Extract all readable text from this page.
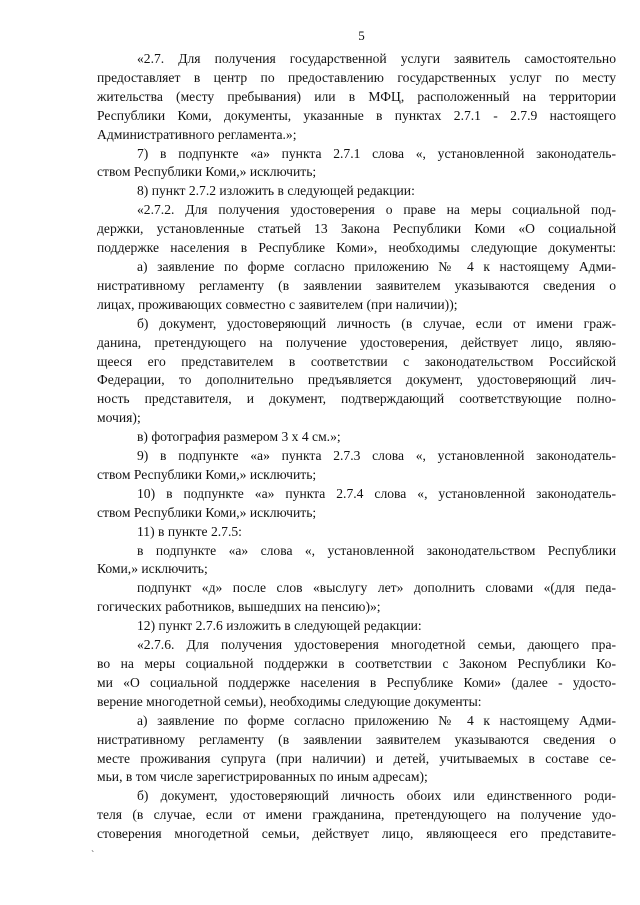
5
«2.7. Для получения государственной услуги заявитель самостоятельно
предоставляет в центр по предоставлению государственных услуг по месту
жительства (месту пребывания) или в МФЦ, расположенный на территории
Республики Коми, документы, указанные в пунктах 2.7.1 - 2.7.9 настоящего
Административного регламента.»;
7) в подпункте «а» пункта 2.7.1 слова «, установленной законодатель-
ством Республики Коми,» исключить;
8) пункт 2.7.2 изложить в следующей редакции:
«2.7.2. Для получения удостоверения о праве на меры социальной под-
держки, установленные статьей 13 Закона Республики Коми «О социальной
поддержке населения в Республике Коми», необходимы следующие документы:
а) заявление по форме согласно приложению № 4 к настоящему Адми-
нистративному регламенту (в заявлении заявителем указываются сведения о
лицах, проживающих совместно с заявителем (при наличии));
б) документ, удостоверяющий личность (в случае, если от имени граж-
данина, претендующего на получение удостоверения, действует лицо, являю-
щееся его представителем в соответствии с законодательством Российской
Федерации, то дополнительно предъявляется документ, удостоверяющий лич-
ность представителя, и документ, подтверждающий соответствующие полно-
мочия);
в) фотография размером 3 х 4 см.»;
9) в подпункте «а» пункта 2.7.3 слова «, установленной законодатель-
ством Республики Коми,» исключить;
10) в подпункте «а» пункта 2.7.4 слова «, установленной законодатель-
ством Республики Коми,» исключить;
11) в пункте 2.7.5:
в подпункте «а» слова «, установленной законодательством Республики
Коми,» исключить;
подпункт «д» после слов «выслугу лет» дополнить словами «(для педа-
гогических работников, вышедших на пенсию)»;
12) пункт 2.7.6 изложить в следующей редакции:
«2.7.6. Для получения удостоверения многодетной семьи, дающего пра-
во на меры социальной поддержки в соответствии с Законом Республики Ко-
ми «О социальной поддержке населения в Республике Коми» (далее - удосто-
верение многодетной семьи), необходимы следующие документы:
а) заявление по форме согласно приложению № 4 к настоящему Адми-
нистративному регламенту (в заявлении заявителем указываются сведения о
месте проживания супруга (при наличии) и детей, учитываемых в составе се-
мьи, в том числе зарегистрированных по иным адресам);
б) документ, удостоверяющий личность обоих или единственного роди-
теля (в случае, если от имени гражданина, претендующего на получение удо-
стоверения многодетной семьи, действует лицо, являющееся его представите-
`
